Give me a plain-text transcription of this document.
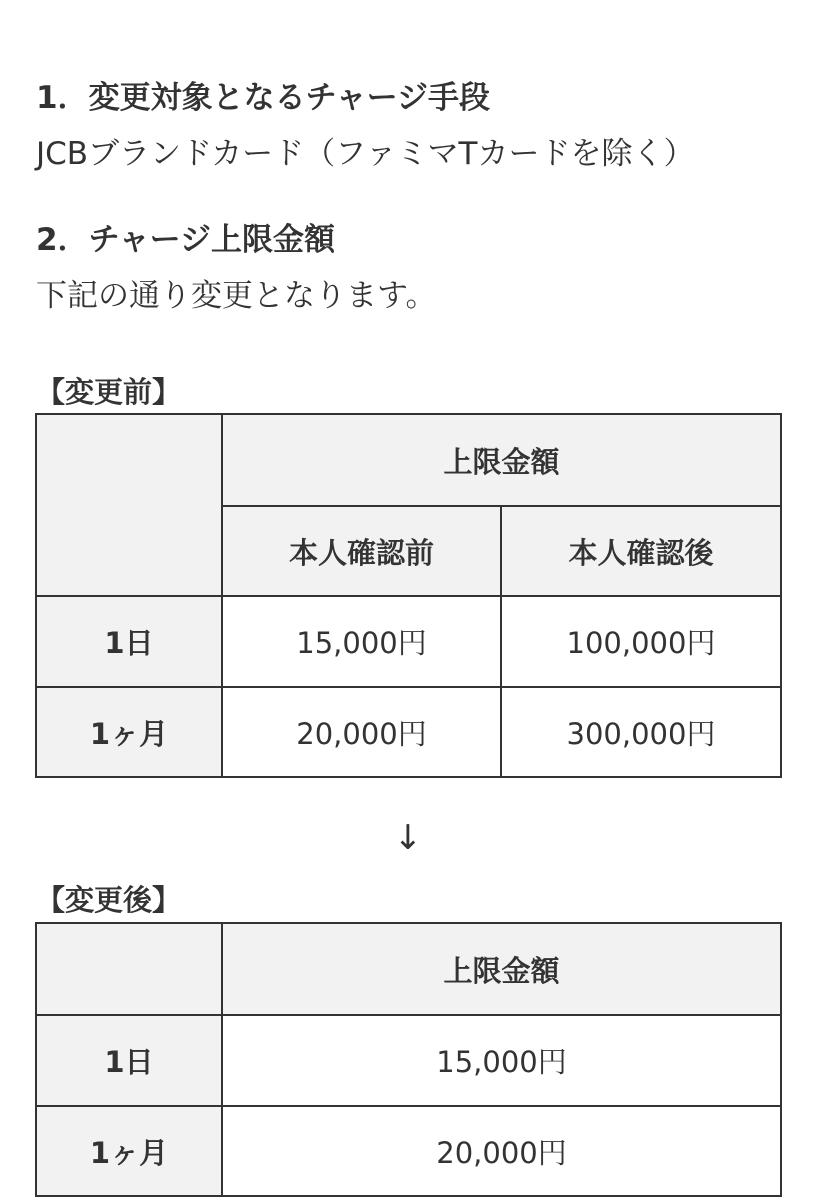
1．変更対象となるチャージ手段
JCBブランドカード（ファミマTカードを除く）
2．チャージ上限金額
下記の通り変更となります。
【変更前】
	上限金額	
	本人確認前	本人確認後
1日	15,000円	100,000円
1ヶ月	20,000円	300,000円
↓
【変更後】
	上限金額
1日	15,000円
1ヶ月	20,000円
